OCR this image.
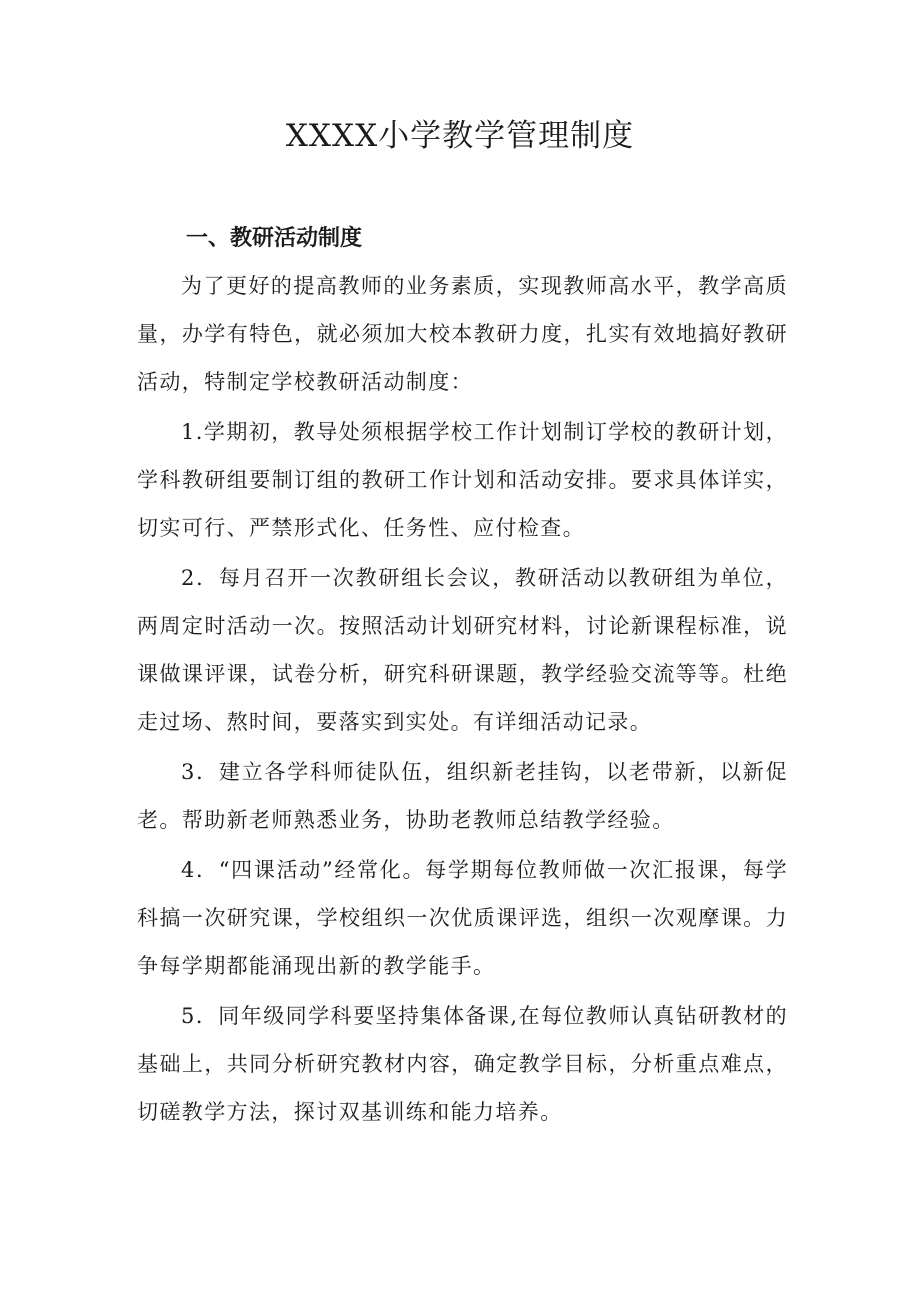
XXXX小学教学管理制度
一、教研活动制度

为了更好的提高教师的业务素质，实现教师高水平，教学高质量，办学有特色，就必须加大校本教研力度，扎实有效地搞好教研活动，特制定学校教研活动制度：

1.学期初，教导处须根据学校工作计划制订学校的教研计划，学科教研组要制订组的教研工作计划和活动安排。要求具体详实，切实可行、严禁形式化、任务性、应付检查。

2．每月召开一次教研组长会议，教研活动以教研组为单位，两周定时活动一次。按照活动计划研究材料，讨论新课程标准，说课做课评课，试卷分析，研究科研课题，教学经验交流等等。杜绝走过场、熬时间，要落实到实处。有详细活动记录。

3．建立各学科师徒队伍，组织新老挂钩，以老带新，以新促老。帮助新老师熟悉业务，协助老教师总结教学经验。

4．“四课活动”经常化。每学期每位教师做一次汇报课，每学科搞一次研究课，学校组织一次优质课评选，组织一次观摩课。力争每学期都能涌现出新的教学能手。

5．同年级同学科要坚持集体备课,在每位教师认真钻研教材的基础上，共同分析研究教材内容，确定教学目标，分析重点难点，切磋教学方法，探讨双基训练和能力培养。
